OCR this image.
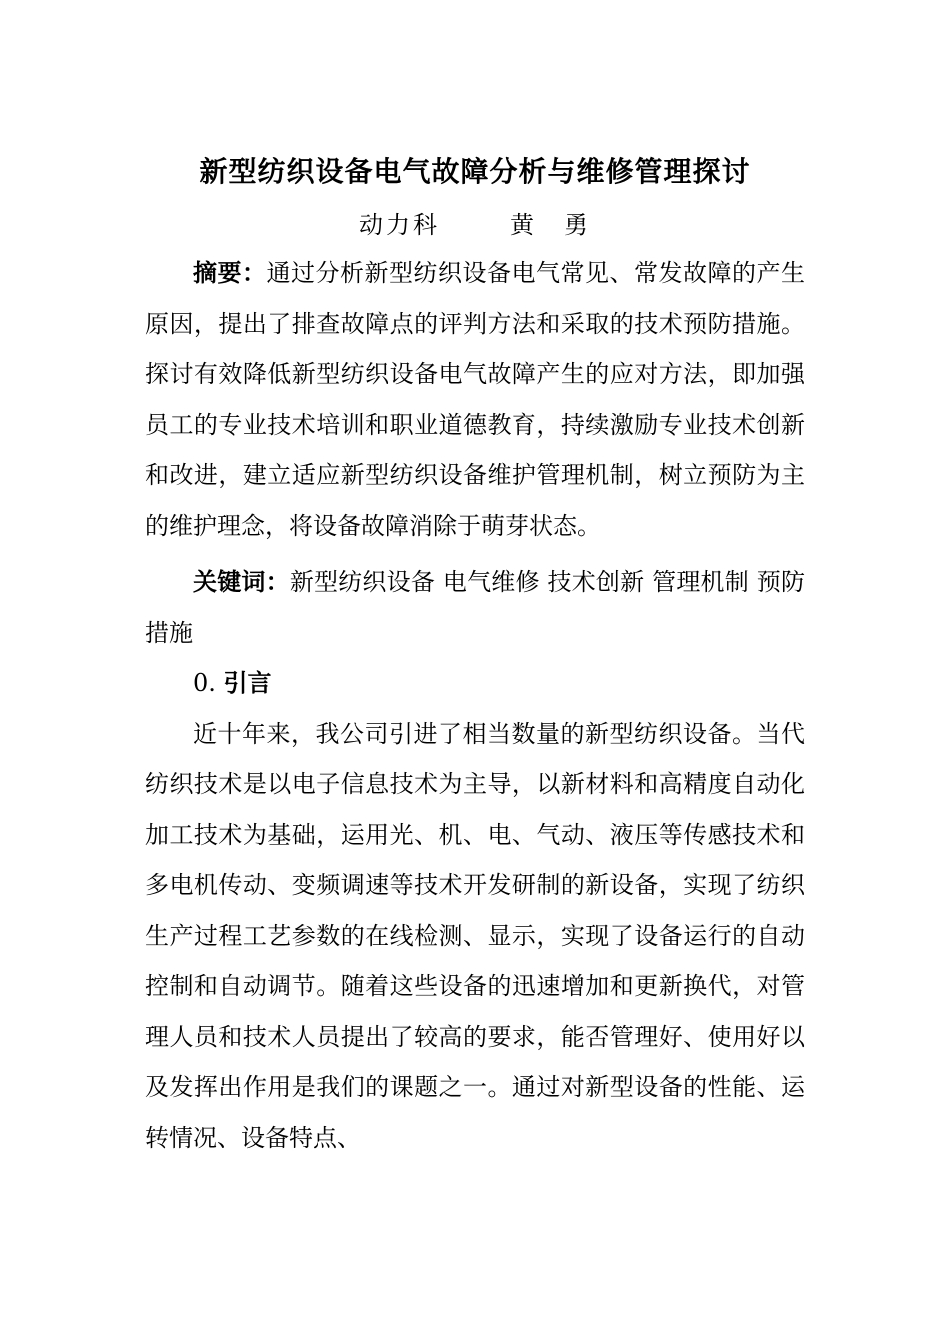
新型纺织设备电气故障分析与维修管理探讨
动力科	黄　勇

摘要：通过分析新型纺织设备电气常见、常发故障的产生原因，提出了排查故障点的评判方法和采取的技术预防措施。探讨有效降低新型纺织设备电气故障产生的应对方法，即加强员工的专业技术培训和职业道德教育，持续激励专业技术创新和改进，建立适应新型纺织设备维护管理机制，树立预防为主的维护理念，将设备故障消除于萌芽状态。

关键词：新型纺织设备 电气维修 技术创新 管理机制 预防措施

0. 引言

近十年来，我公司引进了相当数量的新型纺织设备。当代纺织技术是以电子信息技术为主导，以新材料和高精度自动化加工技术为基础，运用光、机、电、气动、液压等传感技术和多电机传动、变频调速等技术开发研制的新设备，实现了纺织生产过程工艺参数的在线检测、显示，实现了设备运行的自动控制和自动调节。随着这些设备的迅速增加和更新换代，对管理人员和技术人员提出了较高的要求，能否管理好、使用好以及发挥出作用是我们的课题之一。通过对新型设备的性能、运转情况、设备特点、
